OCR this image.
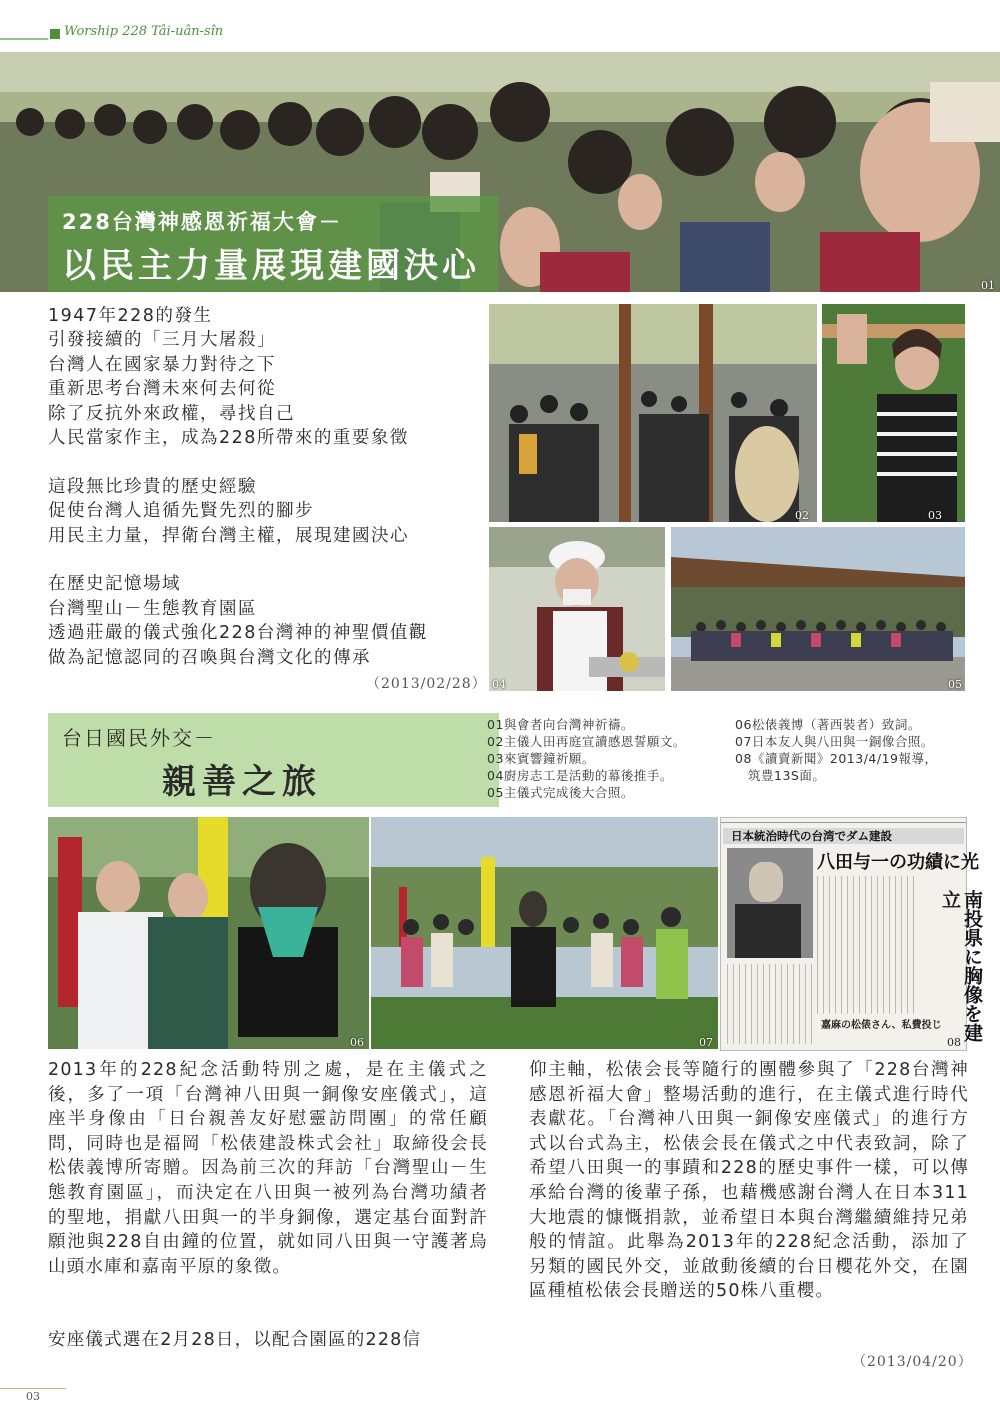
Worship 228 Tâi-uân-sîn
228台灣神感恩祈福大會－
以民主力量展現建國決心	01
1947年228的發生
引發接續的「三月大屠殺」
台灣人在國家暴力對待之下
重新思考台灣未來何去何從
除了反抗外來政權，尋找自己
人民當家作主，成為228所帶來的重要象徵
這段無比珍貴的歷史經驗
促使台灣人追循先賢先烈的腳步
用民主力量，捍衛台灣主權，展現建國決心
在歷史記憶場域
台灣聖山－生態教育園區
透過莊嚴的儀式強化228台灣神的神聖價值觀
做為記憶認同的召喚與台灣文化的傳承
（2013/02/28）
02	03
04	05
台日國民外交－
親善之旅
01與會者向台灣神祈禱。
02主儀人田再庭宣讀感恩誓願文。
03來賓響鐘祈願。
04廚房志工是活動的幕後推手。
05主儀式完成後大合照。
06松俵義博（著西裝者）致詞。
07日本友人與八田與一銅像合照。
08《讀賣新聞》2013/4/19報導，
　筑豊13S面。
06	07
日本統治時代の台湾でダム建設
八田与一の功績に光
南投県に胸像を建立
嘉麻の松俵さん、私費投じ
08
2013年的228紀念活動特別之處，是在主儀式之後，多了一項「台灣神八田與一銅像安座儀式」，這座半身像由「日台親善友好慰靈訪問團」的常任顧問，同時也是福岡「松俵建設株式会社」取締役会長松俵義博所寄贈。因為前三次的拜訪「台灣聖山－生態教育園區」，而決定在八田與一被列為台灣功績者的聖地，捐獻八田與一的半身銅像，選定基台面對許願池與228自由鐘的位置，就如同八田與一守護著烏山頭水庫和嘉南平原的象徵。
安座儀式選在2月28日，以配合園區的228信
仰主軸，松俵会長等隨行的團體參與了「228台灣神感恩祈福大會」整場活動的進行，在主儀式進行時代表獻花。「台灣神八田與一銅像安座儀式」的進行方式以台式為主，松俵会長在儀式之中代表致詞，除了希望八田與一的事蹟和228的歷史事件一樣，可以傳承給台灣的後輩子孫，也藉機感謝台灣人在日本311大地震的慷慨捐款，並希望日本與台灣繼續維持兄弟般的情誼。此舉為2013年的228紀念活動，添加了另類的國民外交，並啟動後續的台日櫻花外交，在園區種植松俵会長贈送的50株八重櫻。
（2013/04/20）
03
